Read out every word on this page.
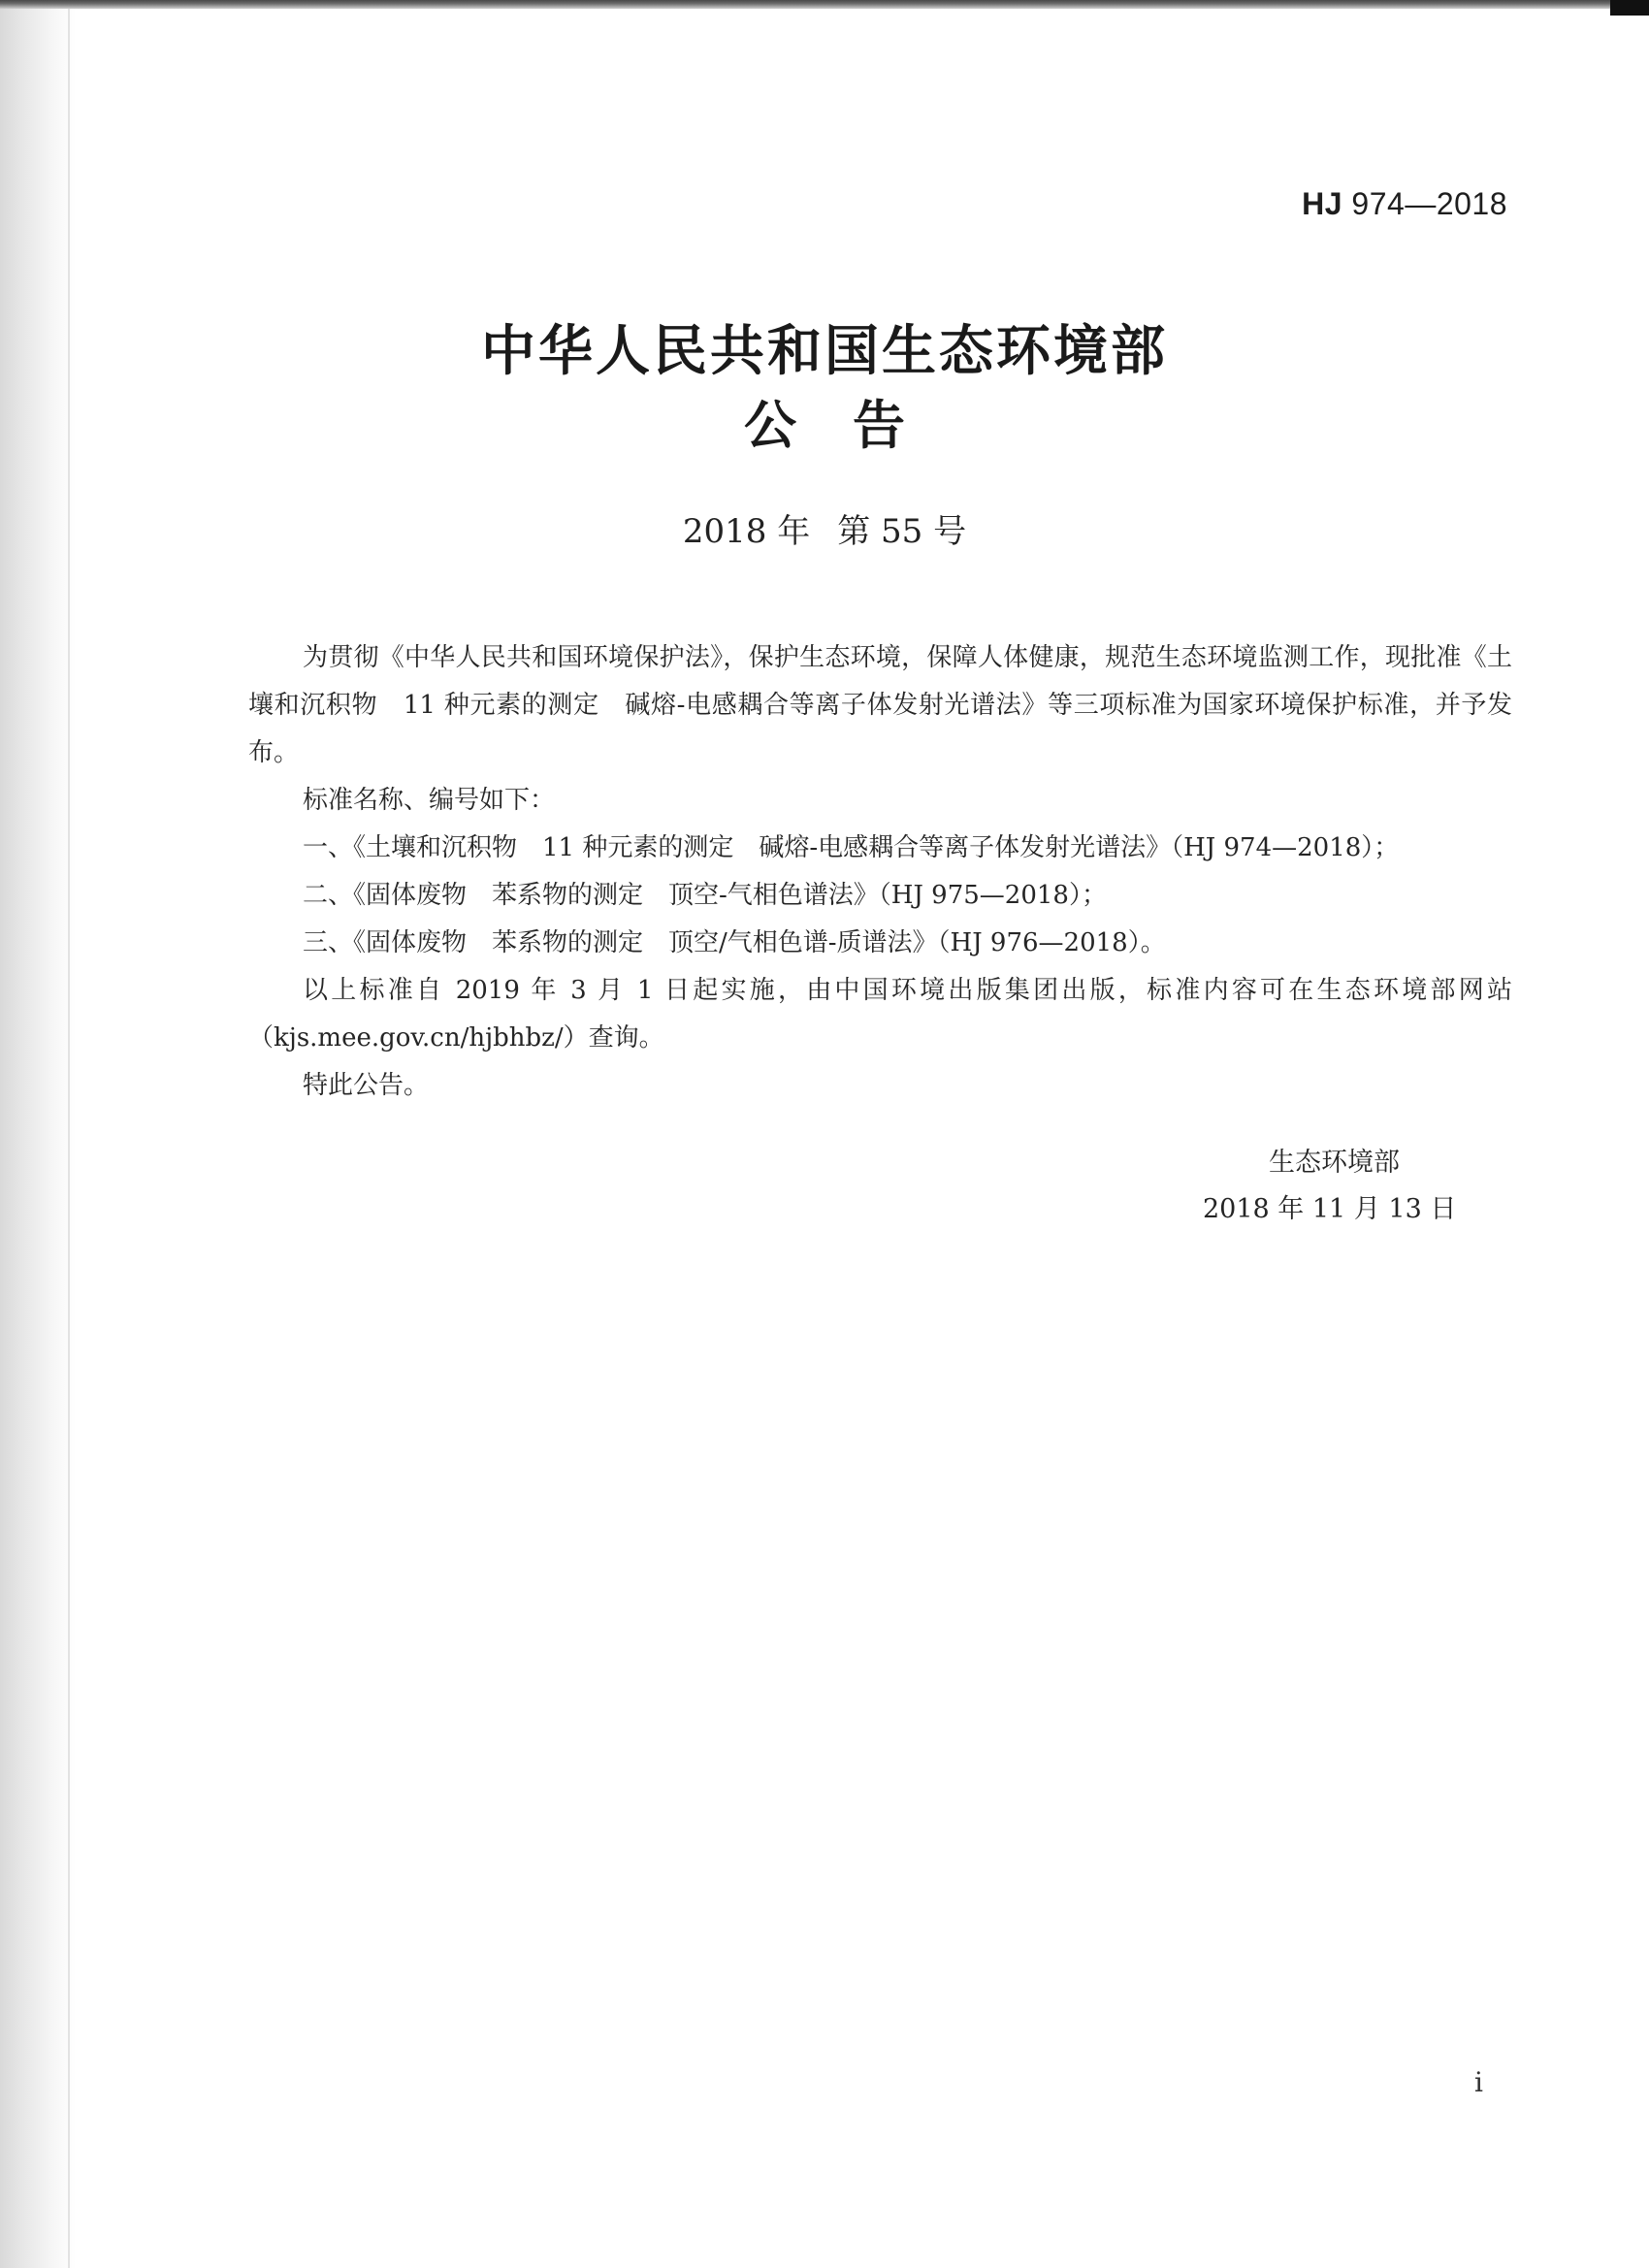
HJ 974—2018
中华人民共和国生态环境部
公告
2018 年 第 55 号

为贯彻《中华人民共和国环境保护法》，保护生态环境，保障人体健康，规范生态环境监测工作，现批准《土壤和沉积物　11 种元素的测定　碱熔-电感耦合等离子体发射光谱法》等三项标准为国家环境保护标准，并予发布。

标准名称、编号如下：

一、《土壤和沉积物　11 种元素的测定　碱熔-电感耦合等离子体发射光谱法》（HJ 974—2018）；

二、《固体废物　苯系物的测定　顶空-气相色谱法》（HJ 975—2018）；

三、《固体废物　苯系物的测定　顶空/气相色谱-质谱法》（HJ 976—2018）。

以上标准自 2019 年 3 月 1 日起实施，由中国环境出版集团出版，标准内容可在生态环境部网站（kjs.mee.gov.cn/hjbhbz/）查询。

特此公告。

生态环境部
2018 年 11 月 13 日
i
